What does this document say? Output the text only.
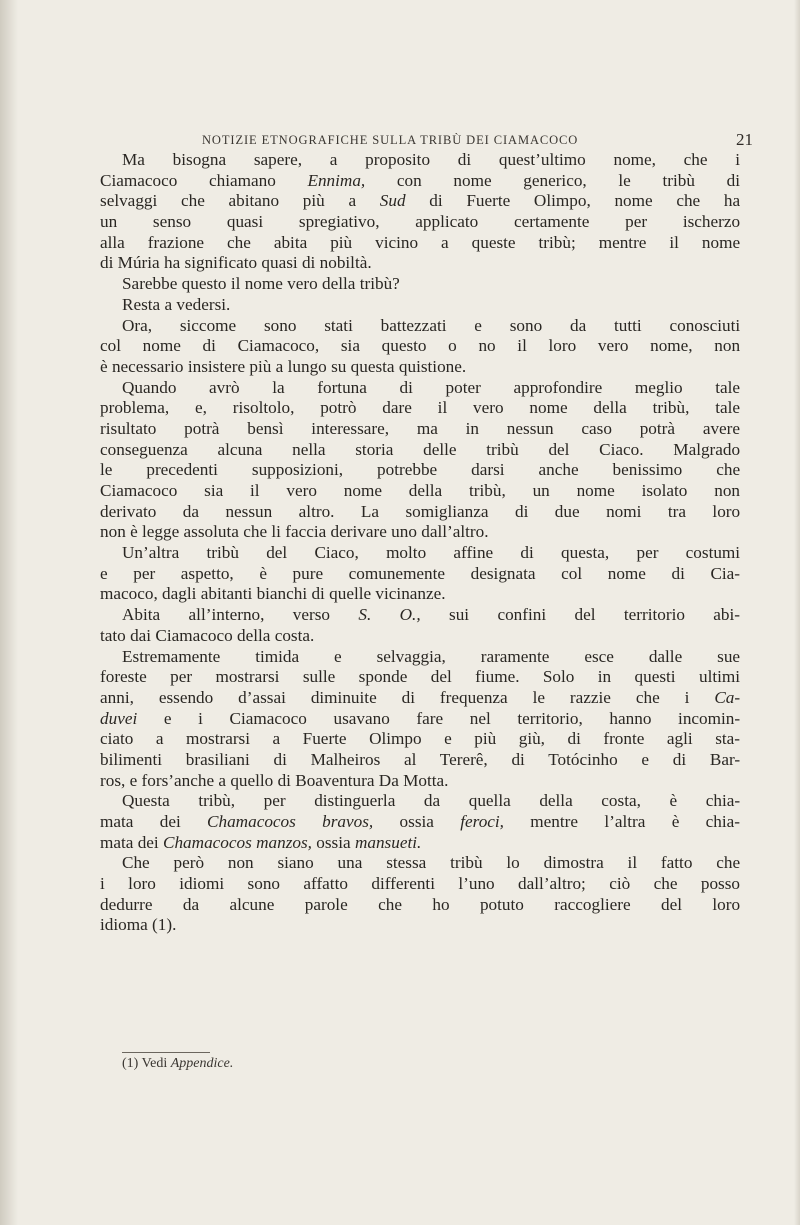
NOTIZIE ETNOGRAFICHE SULLA TRIBÙ DEI CIAMACOCO	21
Ma bisogna sapere, a proposito di quest’ultimo nome, che i
Ciamacoco chiamano Ennima, con nome generico, le tribù di
selvaggi che abitano più a Sud di Fuerte Olimpo, nome che ha
un senso quasi spregiativo, applicato certamente per ischerzo
alla frazione che abita più vicino a queste tribù; mentre il nome
di Múria ha significato quasi di nobiltà.
Sarebbe questo il nome vero della tribù?
Resta a vedersi.
Ora, siccome sono stati battezzati e sono da tutti conosciuti
col nome di Ciamacoco, sia questo o no il loro vero nome, non
è necessario insistere più a lungo su questa quistione.
Quando avrò la fortuna di poter approfondire meglio tale
problema, e, risoltolo, potrò dare il vero nome della tribù, tale
risultato potrà bensì interessare, ma in nessun caso potrà avere
conseguenza alcuna nella storia delle tribù del Ciaco. Malgrado
le precedenti supposizioni, potrebbe darsi anche benissimo che
Ciamacoco sia il vero nome della tribù, un nome isolato non
derivato da nessun altro. La somiglianza di due nomi tra loro
non è legge assoluta che li faccia derivare uno dall’altro.
Un’altra tribù del Ciaco, molto affine di questa, per costumi
e per aspetto, è pure comunemente designata col nome di Cia-
macoco, dagli abitanti bianchi di quelle vicinanze.
Abita all’interno, verso S. O., sui confini del territorio abi-
tato dai Ciamacoco della costa.
Estremamente timida e selvaggia, raramente esce dalle sue
foreste per mostrarsi sulle sponde del fiume. Solo in questi ultimi
anni, essendo d’assai diminuite di frequenza le razzie che i Ca-
duvei e i Ciamacoco usavano fare nel territorio, hanno incomin-
ciato a mostrarsi a Fuerte Olimpo e più giù, di fronte agli sta-
bilimenti brasiliani di Malheiros al Tererê, di Totócinho e di Bar-
ros, e fors’anche a quello di Boaventura Da Motta.
Questa tribù, per distinguerla da quella della costa, è chia-
mata dei Chamacocos bravos, ossia feroci, mentre l’altra è chia-
mata dei Chamacocos manzos, ossia mansueti.
Che però non siano una stessa tribù lo dimostra il fatto che
i loro idiomi sono affatto differenti l’uno dall’altro; ciò che posso
dedurre da alcune parole che ho potuto raccogliere del loro
idioma (1).
(1) Vedi Appendice.
